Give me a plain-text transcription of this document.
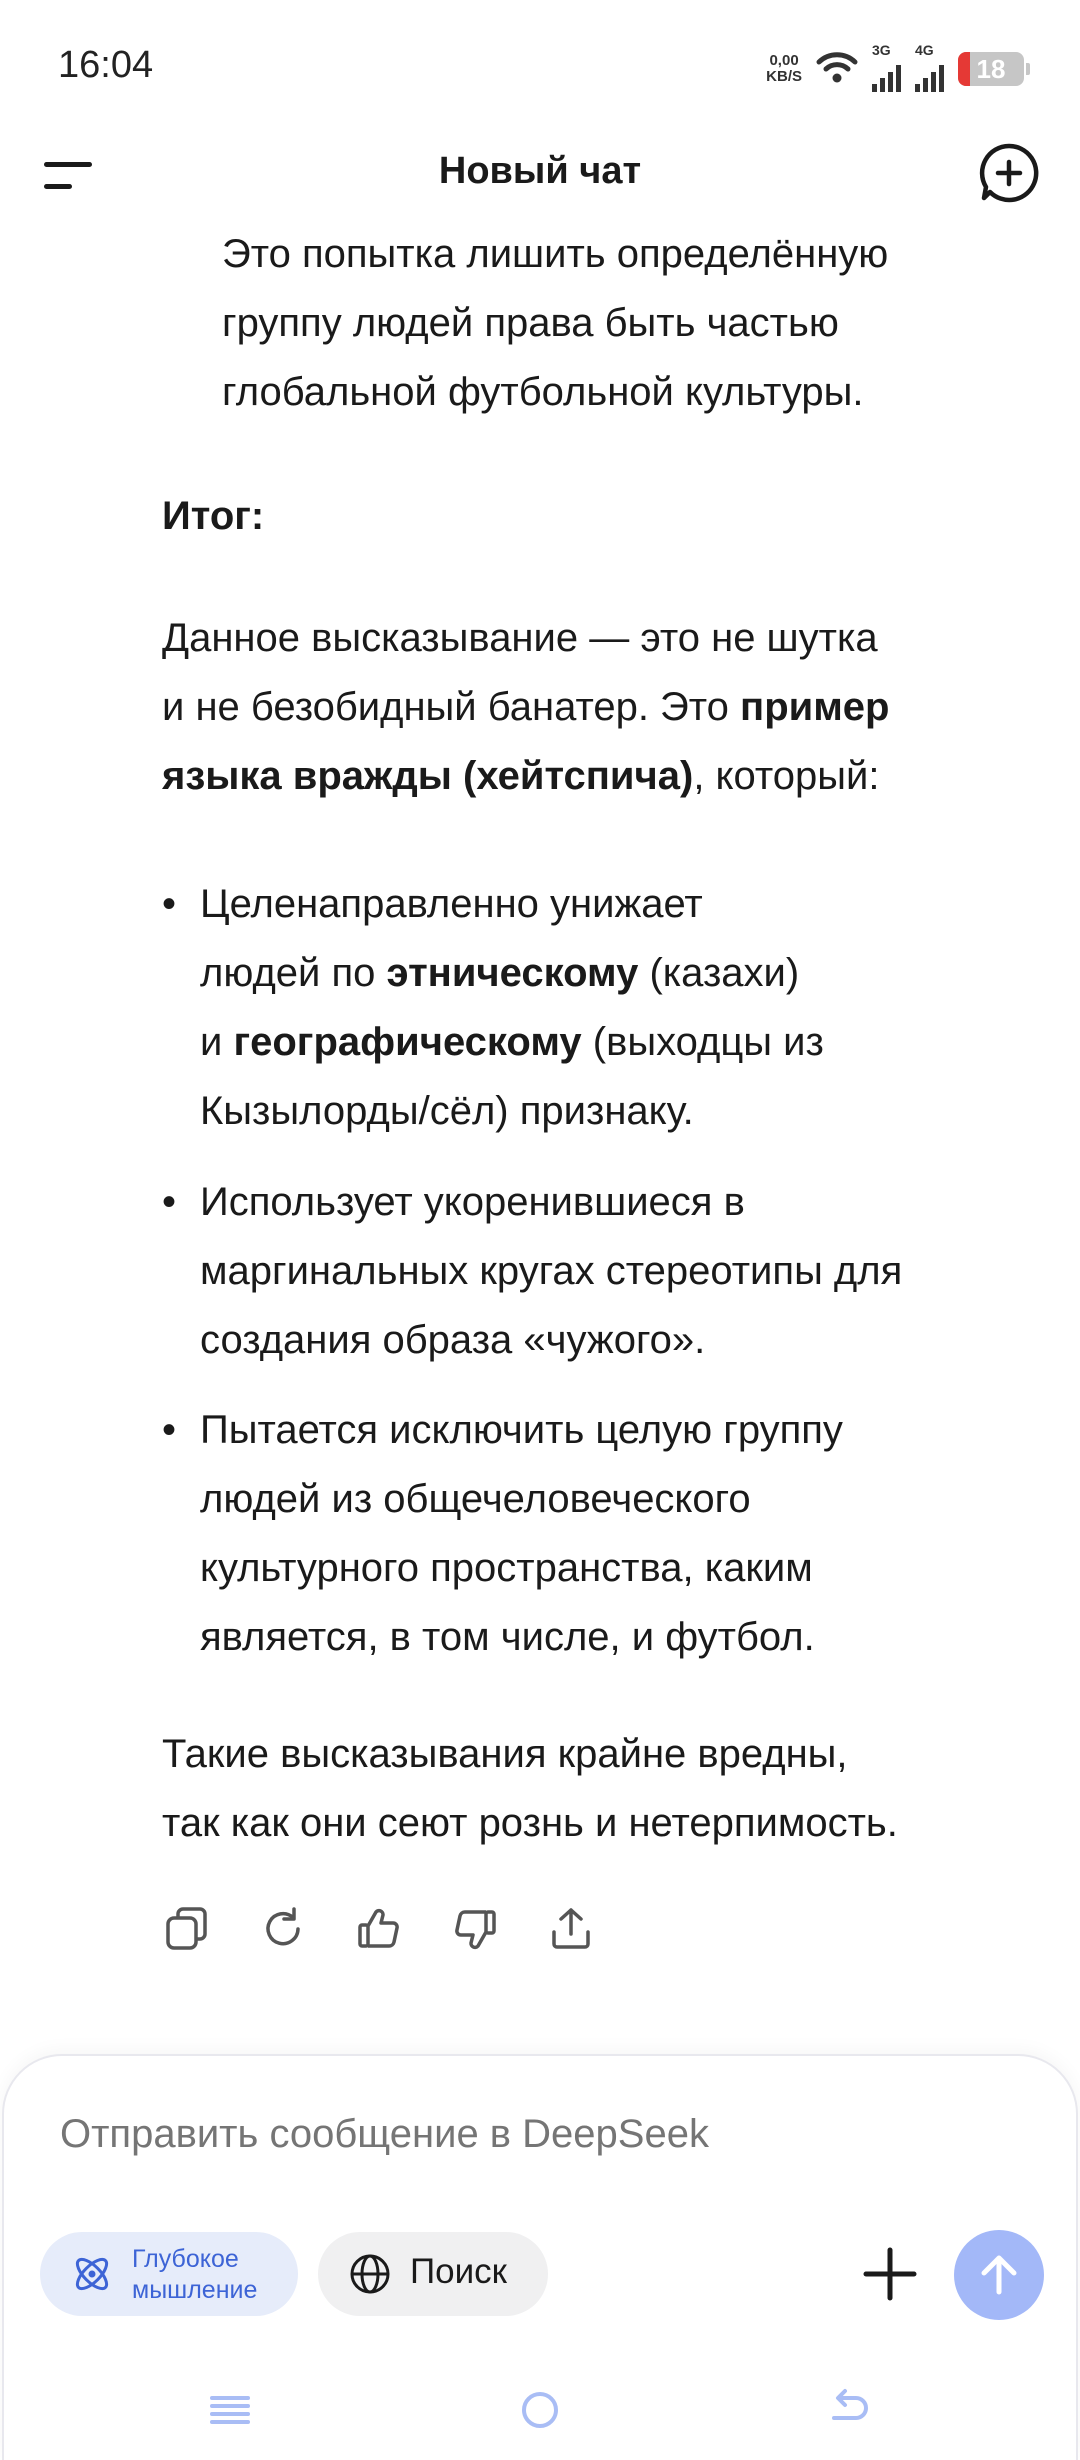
16:04	0,00
KB/S
3G 4G
18
Новый чат
Это попытка лишить определённую
группу людей права быть частью
глобальной футбольной культуры.
Итог:
Данное высказывание — это не шутка
и не безобидный банатер. Это пример
языка вражды (хейтспича), который:
• Целенаправленно унижает
людей по этническому (казахи)
и географическому (выходцы из
Кызылорды/сёл) признаку.
• Использует укоренившиеся в
маргинальных кругах стереотипы для
создания образа «чужого».
• Пытается исключить целую группу
людей из общечеловеческого
культурного пространства, каким
является, в том числе, и футбол.
Такие высказывания крайне вредны,
так как они сеют рознь и нетерпимость.
Отправить сообщение в DeepSeek
Глубокое
мышление	Поиск
